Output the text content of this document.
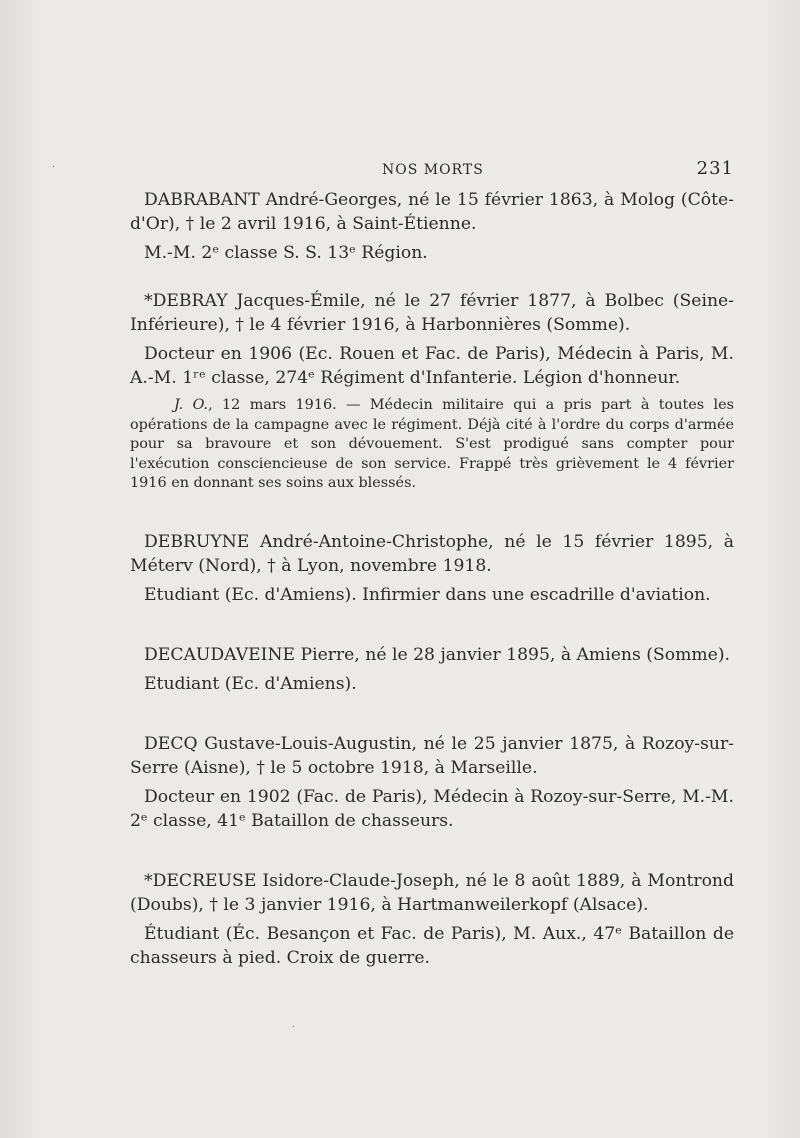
NOS MORTS	231

DABRABANT André-Georges, né le 15 février 1863, à Molog (Côte-d'Or), † le 2 avril 1916, à Saint-Étienne.

M.-M. 2ᵉ classe S. S. 13ᵉ Région.

*DEBRAY Jacques-Émile, né le 27 février 1877, à Bolbec (Seine-Inférieure), † le 4 février 1916, à Harbonnières (Somme).

Docteur en 1906 (Ec. Rouen et Fac. de Paris), Médecin à Paris, M. A.-M. 1ʳᵉ classe, 274ᵉ Régiment d'Infanterie. Légion d'honneur.

J. O., 12 mars 1916. — Médecin militaire qui a pris part à toutes les opérations de la campagne avec le régiment. Déjà cité à l'ordre du corps d'armée pour sa bravoure et son dévouement. S'est prodigué sans compter pour l'exécution consciencieuse de son service. Frappé très grièvement le 4 février 1916 en donnant ses soins aux blessés.

DEBRUYNE André-Antoine-Christophe, né le 15 février 1895, à Méterv (Nord), † à Lyon, novembre 1918.

Etudiant (Ec. d'Amiens). Infirmier dans une escadrille d'aviation.

DECAUDAVEINE Pierre, né le 28 janvier 1895, à Amiens (Somme).

Etudiant (Ec. d'Amiens).

DECQ Gustave-Louis-Augustin, né le 25 janvier 1875, à Rozoy-sur-Serre (Aisne), † le 5 octobre 1918, à Marseille.

Docteur en 1902 (Fac. de Paris), Médecin à Rozoy-sur-Serre, M.-M. 2ᵉ classe, 41ᵉ Bataillon de chasseurs.

*DECREUSE Isidore-Claude-Joseph, né le 8 août 1889, à Montrond (Doubs), † le 3 janvier 1916, à Hartmanweilerkopf (Alsace).

Étudiant (Éc. Besançon et Fac. de Paris), M. Aux., 47ᵉ Bataillon de chasseurs à pied. Croix de guerre.

·
·
